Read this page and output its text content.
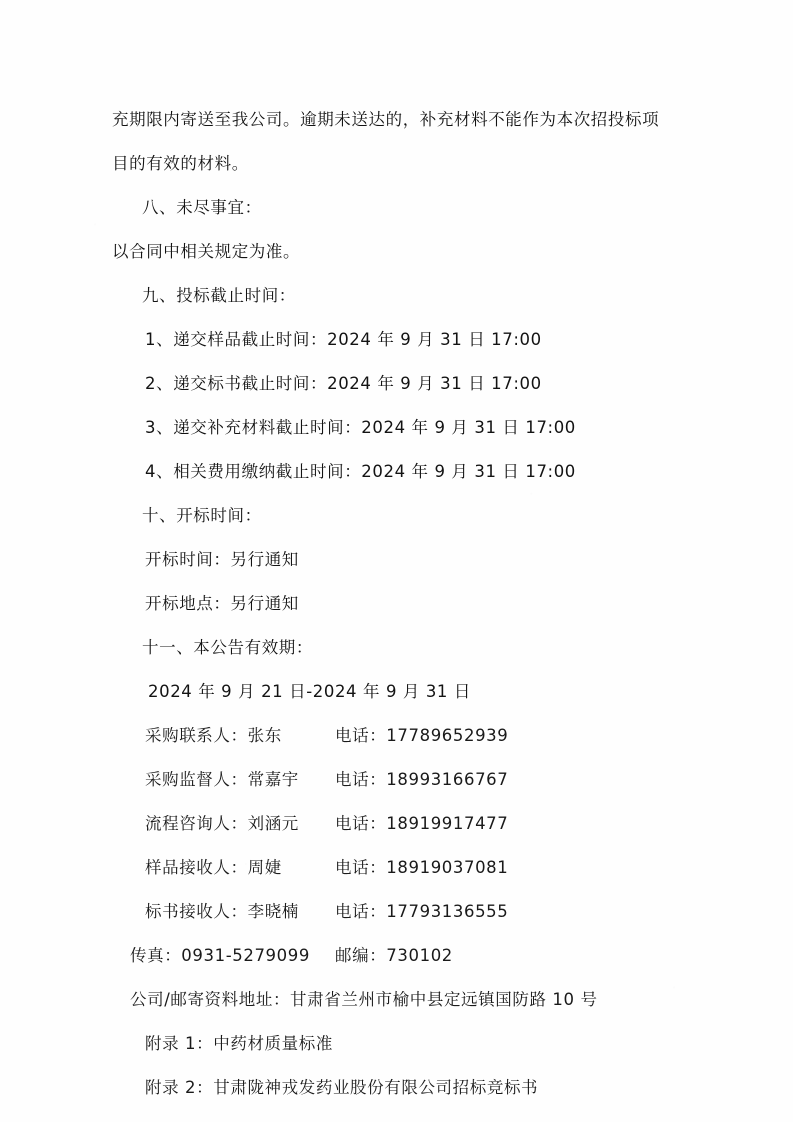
充期限内寄送至我公司。逾期未送达的，补充材料不能作为本次招投标项目的有效的材料。
八、未尽事宜：
以合同中相关规定为准。
九、投标截止时间：
1、递交样品截止时间：2024 年 9 月 31 日 17:00
2、递交标书截止时间：2024 年 9 月 31 日 17:00
3、递交补充材料截止时间：2024 年 9 月 31 日 17:00
4、相关费用缴纳截止时间：2024 年 9 月 31 日 17:00
十、开标时间：
开标时间：另行通知
开标地点：另行通知
十一、本公告有效期：
2024 年 9 月 21 日-2024 年 9 月 31 日
采购联系人：张东	电话：17789652939
采购监督人：常嘉宇	电话：18993166767
流程咨询人：刘涵元	电话：18919917477
样品接收人：周婕	电话：18919037081
标书接收人：李晓楠	电话：17793136555
传真：0931-5279099	邮编：730102
公司/邮寄资料地址：甘肃省兰州市榆中县定远镇国防路 10 号
附录 1：中药材质量标准
附录 2：甘肃陇神戎发药业股份有限公司招标竞标书
